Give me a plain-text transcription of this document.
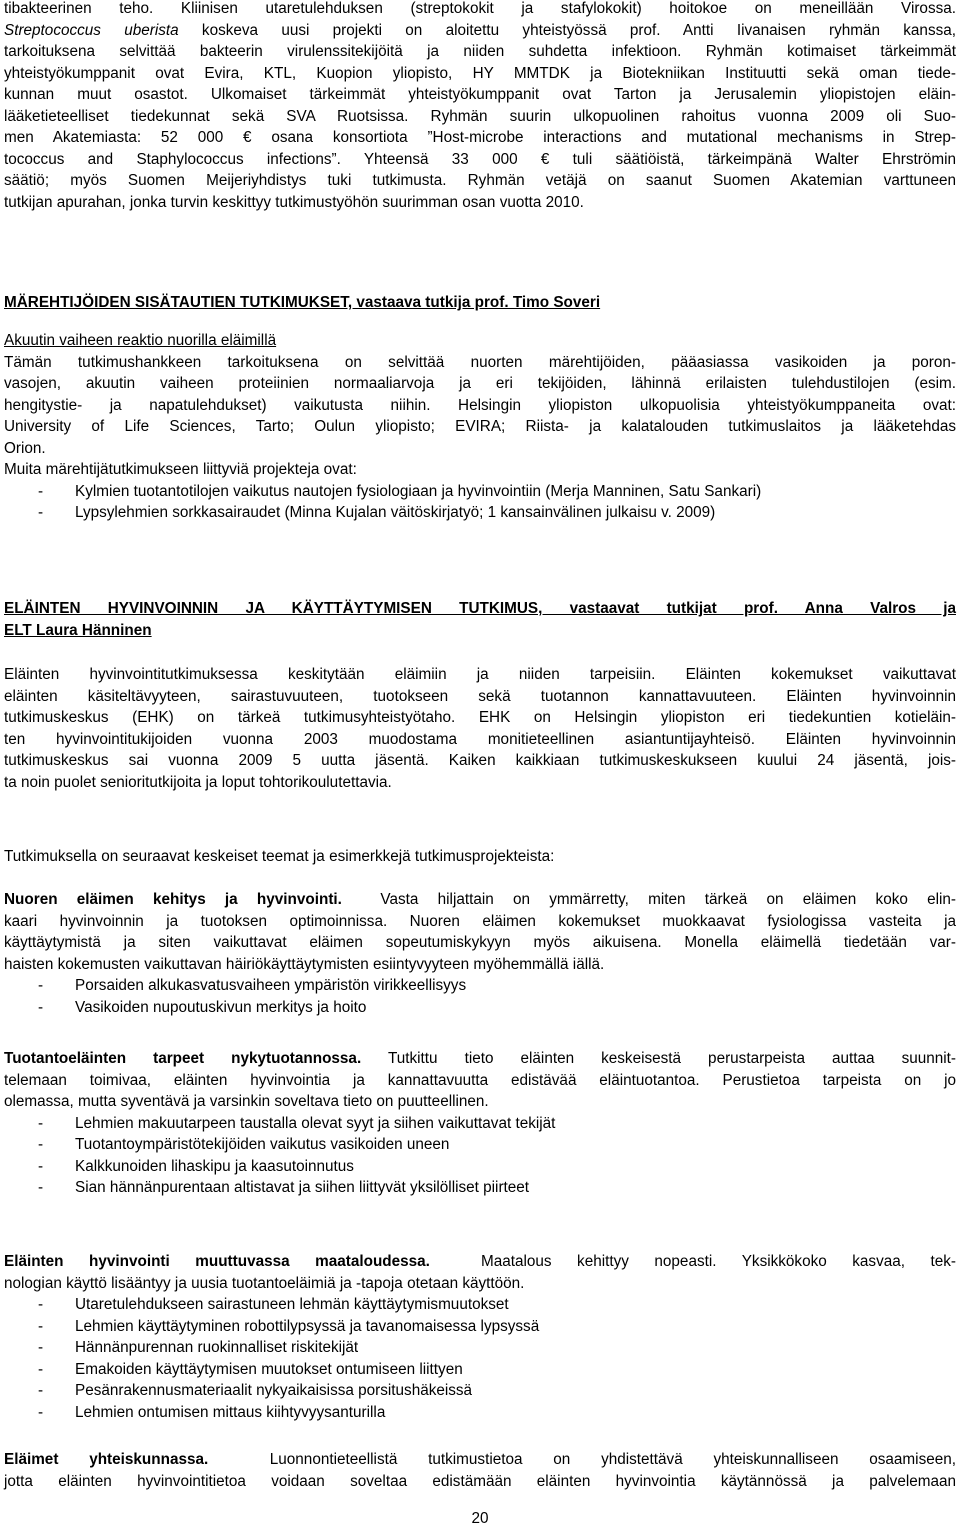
tibakteerinen teho. Kliinisen utaretulehduksen (streptokokit ja stafylokokit) hoitokoe on meneillään Virossa.
Streptococcus uberista koskeva uusi projekti on aloitettu yhteistyössä prof. Antti Iivanaisen ryhmän kanssa,
tarkoituksena selvittää bakteerin virulenssitekijöitä ja niiden suhdetta infektioon. Ryhmän kotimaiset tärkeimmät
yhteistyökumppanit ovat Evira, KTL, Kuopion yliopisto, HY MMTDK ja Biotekniikan Instituutti sekä oman tiede-
kunnan muut osastot. Ulkomaiset tärkeimmät yhteistyökumppanit ovat Tarton ja Jerusalemin yliopistojen eläin-
lääketieteelliset tiedekunnat sekä SVA Ruotsissa. Ryhmän suurin ulkopuolinen rahoitus vuonna 2009 oli Suo-
men Akatemiasta: 52 000 € osana konsortiota ”Host-microbe interactions and mutational mechanisms in Strep-
tococcus and Staphylococcus infections”. Yhteensä 33 000 € tuli säätiöistä, tärkeimpänä Walter Ehrströmin
säätiö; myös Suomen Meijeriyhdistys tuki tutkimusta. Ryhmän vetäjä on saanut Suomen Akatemian varttuneen
tutkijan apurahan, jonka turvin keskittyy tutkimustyöhön suurimman osan vuotta 2010.
MÄREHTIJÖIDEN SISÄTAUTIEN TUTKIMUKSET, vastaava tutkija prof. Timo Soveri
Akuutin vaiheen reaktio nuorilla eläimillä
Tämän tutkimushankkeen tarkoituksena on selvittää nuorten märehtijöiden, pääasiassa vasikoiden ja poron-
vasojen, akuutin vaiheen proteiinien normaaliarvoja ja eri tekijöiden, lähinnä erilaisten tulehdustilojen (esim.
hengitystie- ja napatulehdukset) vaikutusta niihin. Helsingin yliopiston ulkopuolisia yhteistyökumppaneita ovat:
University of Life Sciences, Tarto; Oulun yliopisto; EVIRA; Riista- ja kalatalouden tutkimuslaitos ja lääketehdas
Orion.
Muita märehtijätutkimukseen liittyviä projekteja ovat:
- Kylmien tuotantotilojen vaikutus nautojen fysiologiaan ja hyvinvointiin (Merja Manninen, Satu Sankari)
- Lypsylehmien sorkkasairaudet (Minna Kujalan väitöskirjatyö; 1 kansainvälinen julkaisu v. 2009)
ELÄINTEN HYVINVOINNIN JA KÄYTTÄYTYMISEN TUTKIMUS, vastaavat tutkijat prof. Anna Valros ja
ELT Laura Hänninen
Eläinten hyvinvointitutkimuksessa keskitytään eläimiin ja niiden tarpeisiin. Eläinten kokemukset vaikuttavat
eläinten käsiteltävyyteen, sairastuvuuteen, tuotokseen sekä tuotannon kannattavuuteen. Eläinten hyvinvoinnin
tutkimuskeskus (EHK) on tärkeä tutkimusyhteistyötaho. EHK on Helsingin yliopiston eri tiedekuntien kotieläin-
ten hyvinvointitukijoiden vuonna 2003 muodostama monitieteellinen asiantuntijayhteisö. Eläinten hyvinvoinnin
tutkimuskeskus sai vuonna 2009 5 uutta jäsentä. Kaiken kaikkiaan tutkimuskeskukseen kuului 24 jäsentä, jois-
ta noin puolet senioritutkijoita ja loput tohtorikoulutettavia.
Tutkimuksella on seuraavat keskeiset teemat ja esimerkkejä tutkimusprojekteista:
Nuoren eläimen kehitys ja hyvinvointi.	Vasta hiljattain on ymmärretty, miten tärkeä on eläimen koko elin-
kaari hyvinvoinnin ja tuotoksen optimoinnissa. Nuoren eläimen kokemukset muokkaavat fysiologissa vasteita ja
käyttäytymistä ja siten vaikuttavat eläimen sopeutumiskykyyn myös aikuisena. Monella eläimellä tiedetään var-
haisten kokemusten vaikuttavan häiriökäyttäytymisten esiintyvyyteen myöhemmällä iällä.
- Porsaiden alkukasvatusvaiheen ympäristön virikkeellisyys
- Vasikoiden nupoutuskivun merkitys ja hoito
Tuotantoeläinten tarpeet nykytuotannossa. Tutkittu tieto eläinten keskeisestä perustarpeista auttaa suunnit-
telemaan toimivaa, eläinten hyvinvointia ja kannattavuutta edistävää eläintuotantoa. Perustietoa tarpeista on jo
olemassa, mutta syventävä ja varsinkin soveltava tieto on puutteellinen.
- Lehmien makuutarpeen taustalla olevat syyt ja siihen vaikuttavat tekijät
- Tuotantoympäristötekijöiden vaikutus vasikoiden uneen
- Kalkkunoiden lihaskipu ja kaasutoinnutus
- Sian hännänpurentaan altistavat ja siihen liittyvät yksilölliset piirteet
Eläinten hyvinvointi muuttuvassa maataloudessa.	Maatalous kehittyy nopeasti. Yksikkökoko kasvaa, tek-
nologian käyttö lisääntyy ja uusia tuotantoeläimiä ja -tapoja otetaan käyttöön.
- Utaretulehdukseen sairastuneen lehmän käyttäytymismuutokset
- Lehmien käyttäytyminen robottilypsyssä ja tavanomaisessa lypsyssä
- Hännänpurennan ruokinnalliset riskitekijät
- Emakoiden käyttäytymisen muutokset ontumiseen liittyen
- Pesänrakennusmateriaalit nykyaikaisissa porsitushäkeissä
- Lehmien ontumisen mittaus kiihtyvyysanturilla
Eläimet yhteiskunnassa.	Luonnontieteellistä tutkimustietoa on yhdistettävä yhteiskunnalliseen osaamiseen,
jotta eläinten hyvinvointitietoa voidaan soveltaa edistämään eläinten hyvinvointia käytännössä ja palvelemaan
20
